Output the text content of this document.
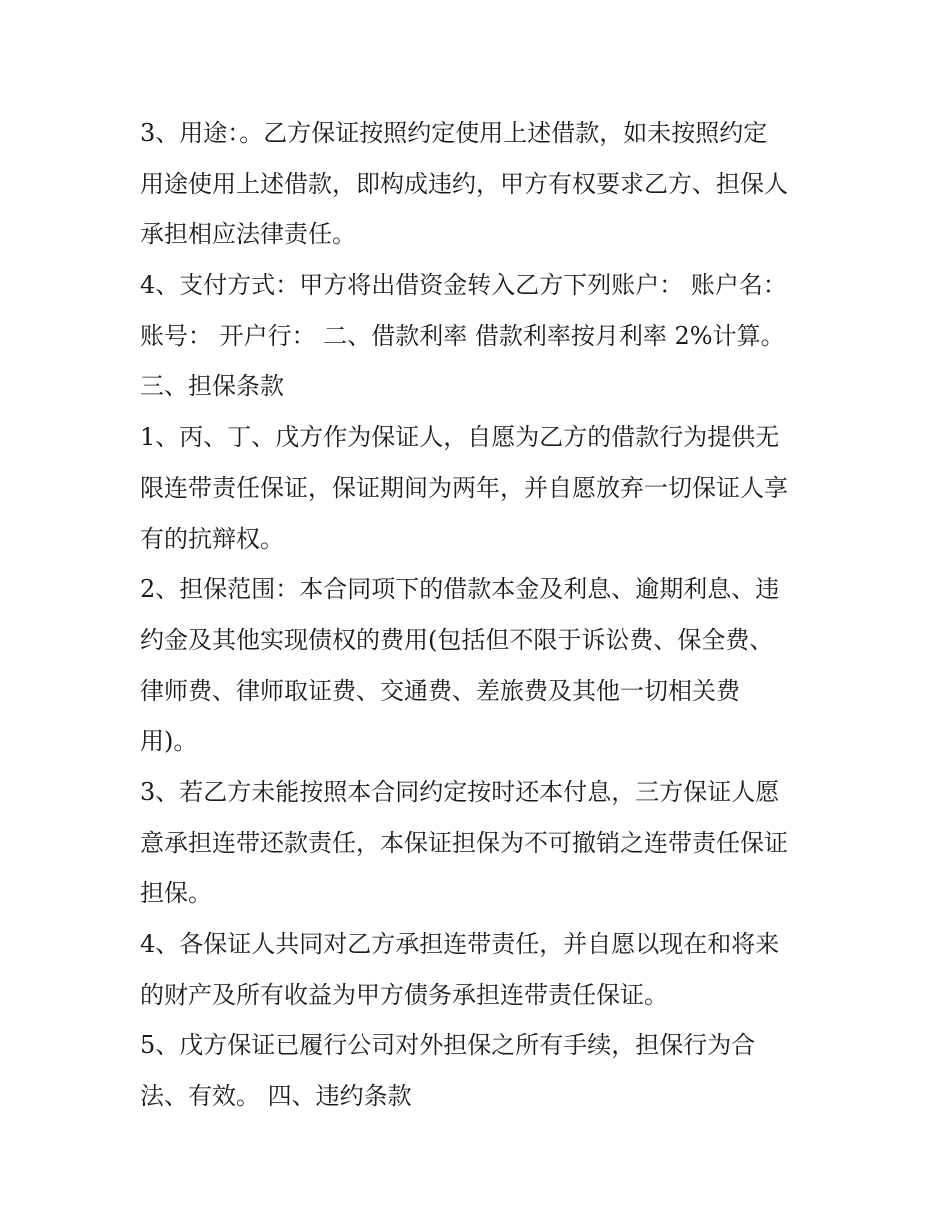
3、用途：。乙方保证按照约定使用上述借款，如未按照约定
用途使用上述借款，即构成违约，甲方有权要求乙方、担保人
承担相应法律责任。
4、支付方式：甲方将出借资金转入乙方下列账户： 账户名：
账号： 开户行： 二、借款利率 借款利率按月利率 2%计算。
三、担保条款
1、丙、丁、戊方作为保证人，自愿为乙方的借款行为提供无
限连带责任保证，保证期间为两年，并自愿放弃一切保证人享
有的抗辩权。
2、担保范围：本合同项下的借款本金及利息、逾期利息、违
约金及其他实现债权的费用(包括但不限于诉讼费、保全费、
律师费、律师取证费、交通费、差旅费及其他一切相关费
用)。
3、若乙方未能按照本合同约定按时还本付息，三方保证人愿
意承担连带还款责任，本保证担保为不可撤销之连带责任保证
担保。
4、各保证人共同对乙方承担连带责任，并自愿以现在和将来
的财产及所有收益为甲方债务承担连带责任保证。
5、戊方保证已履行公司对外担保之所有手续，担保行为合
法、有效。 四、违约条款
